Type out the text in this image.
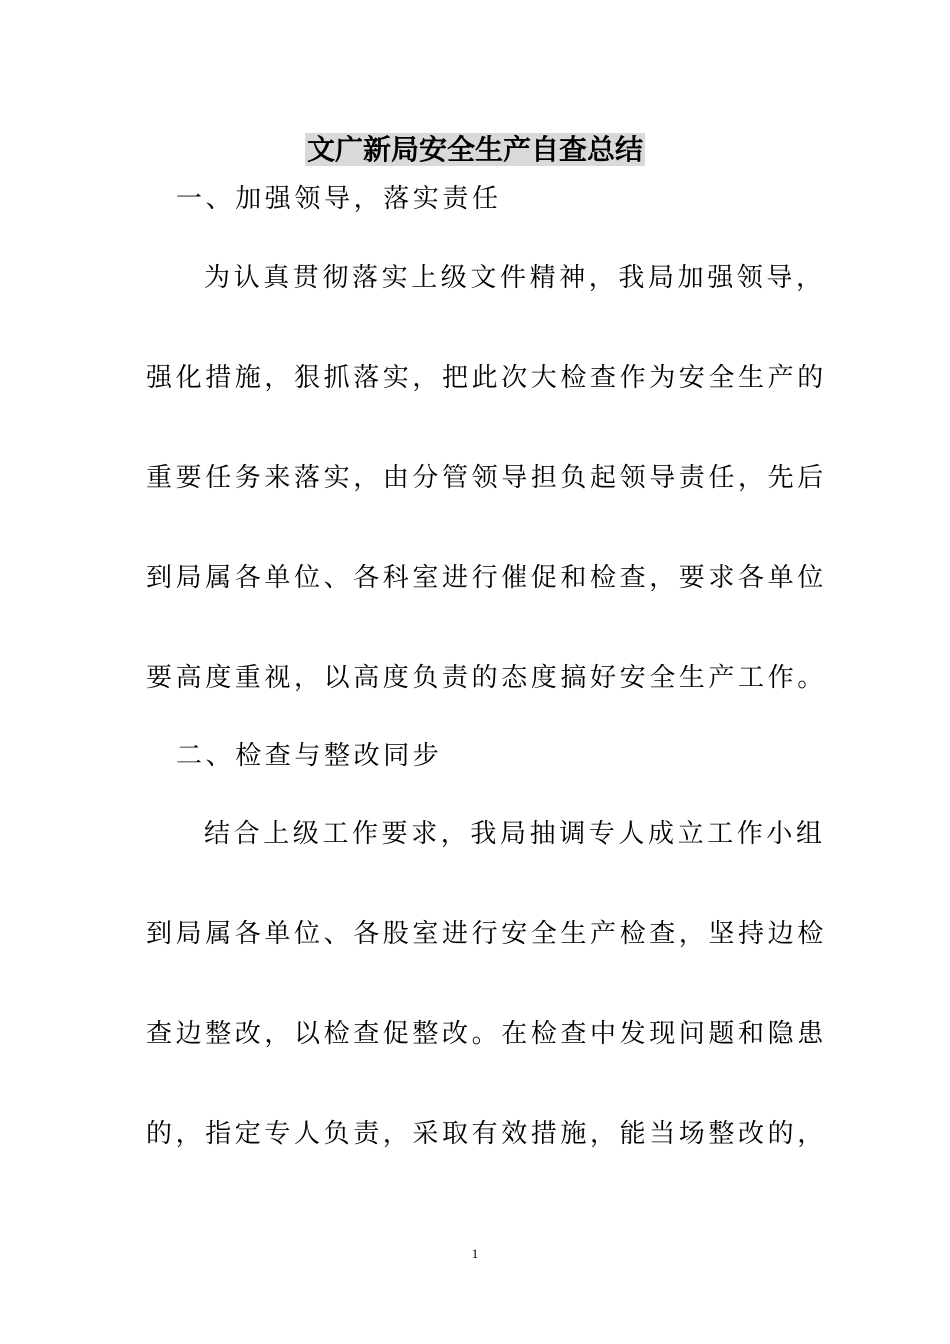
文广新局安全生产自查总结
一、加强领导，落实责任
为认真贯彻落实上级文件精神，我局加强领导，
强化措施，狠抓落实，把此次大检查作为安全生产的
重要任务来落实，由分管领导担负起领导责任，先后
到局属各单位、各科室进行催促和检查，要求各单位
要高度重视，以高度负责的态度搞好安全生产工作。
二、检查与整改同步
结合上级工作要求，我局抽调专人成立工作小组
到局属各单位、各股室进行安全生产检查，坚持边检
查边整改，以检查促整改。在检查中发现问题和隐患
的，指定专人负责，采取有效措施，能当场整改的，
1
